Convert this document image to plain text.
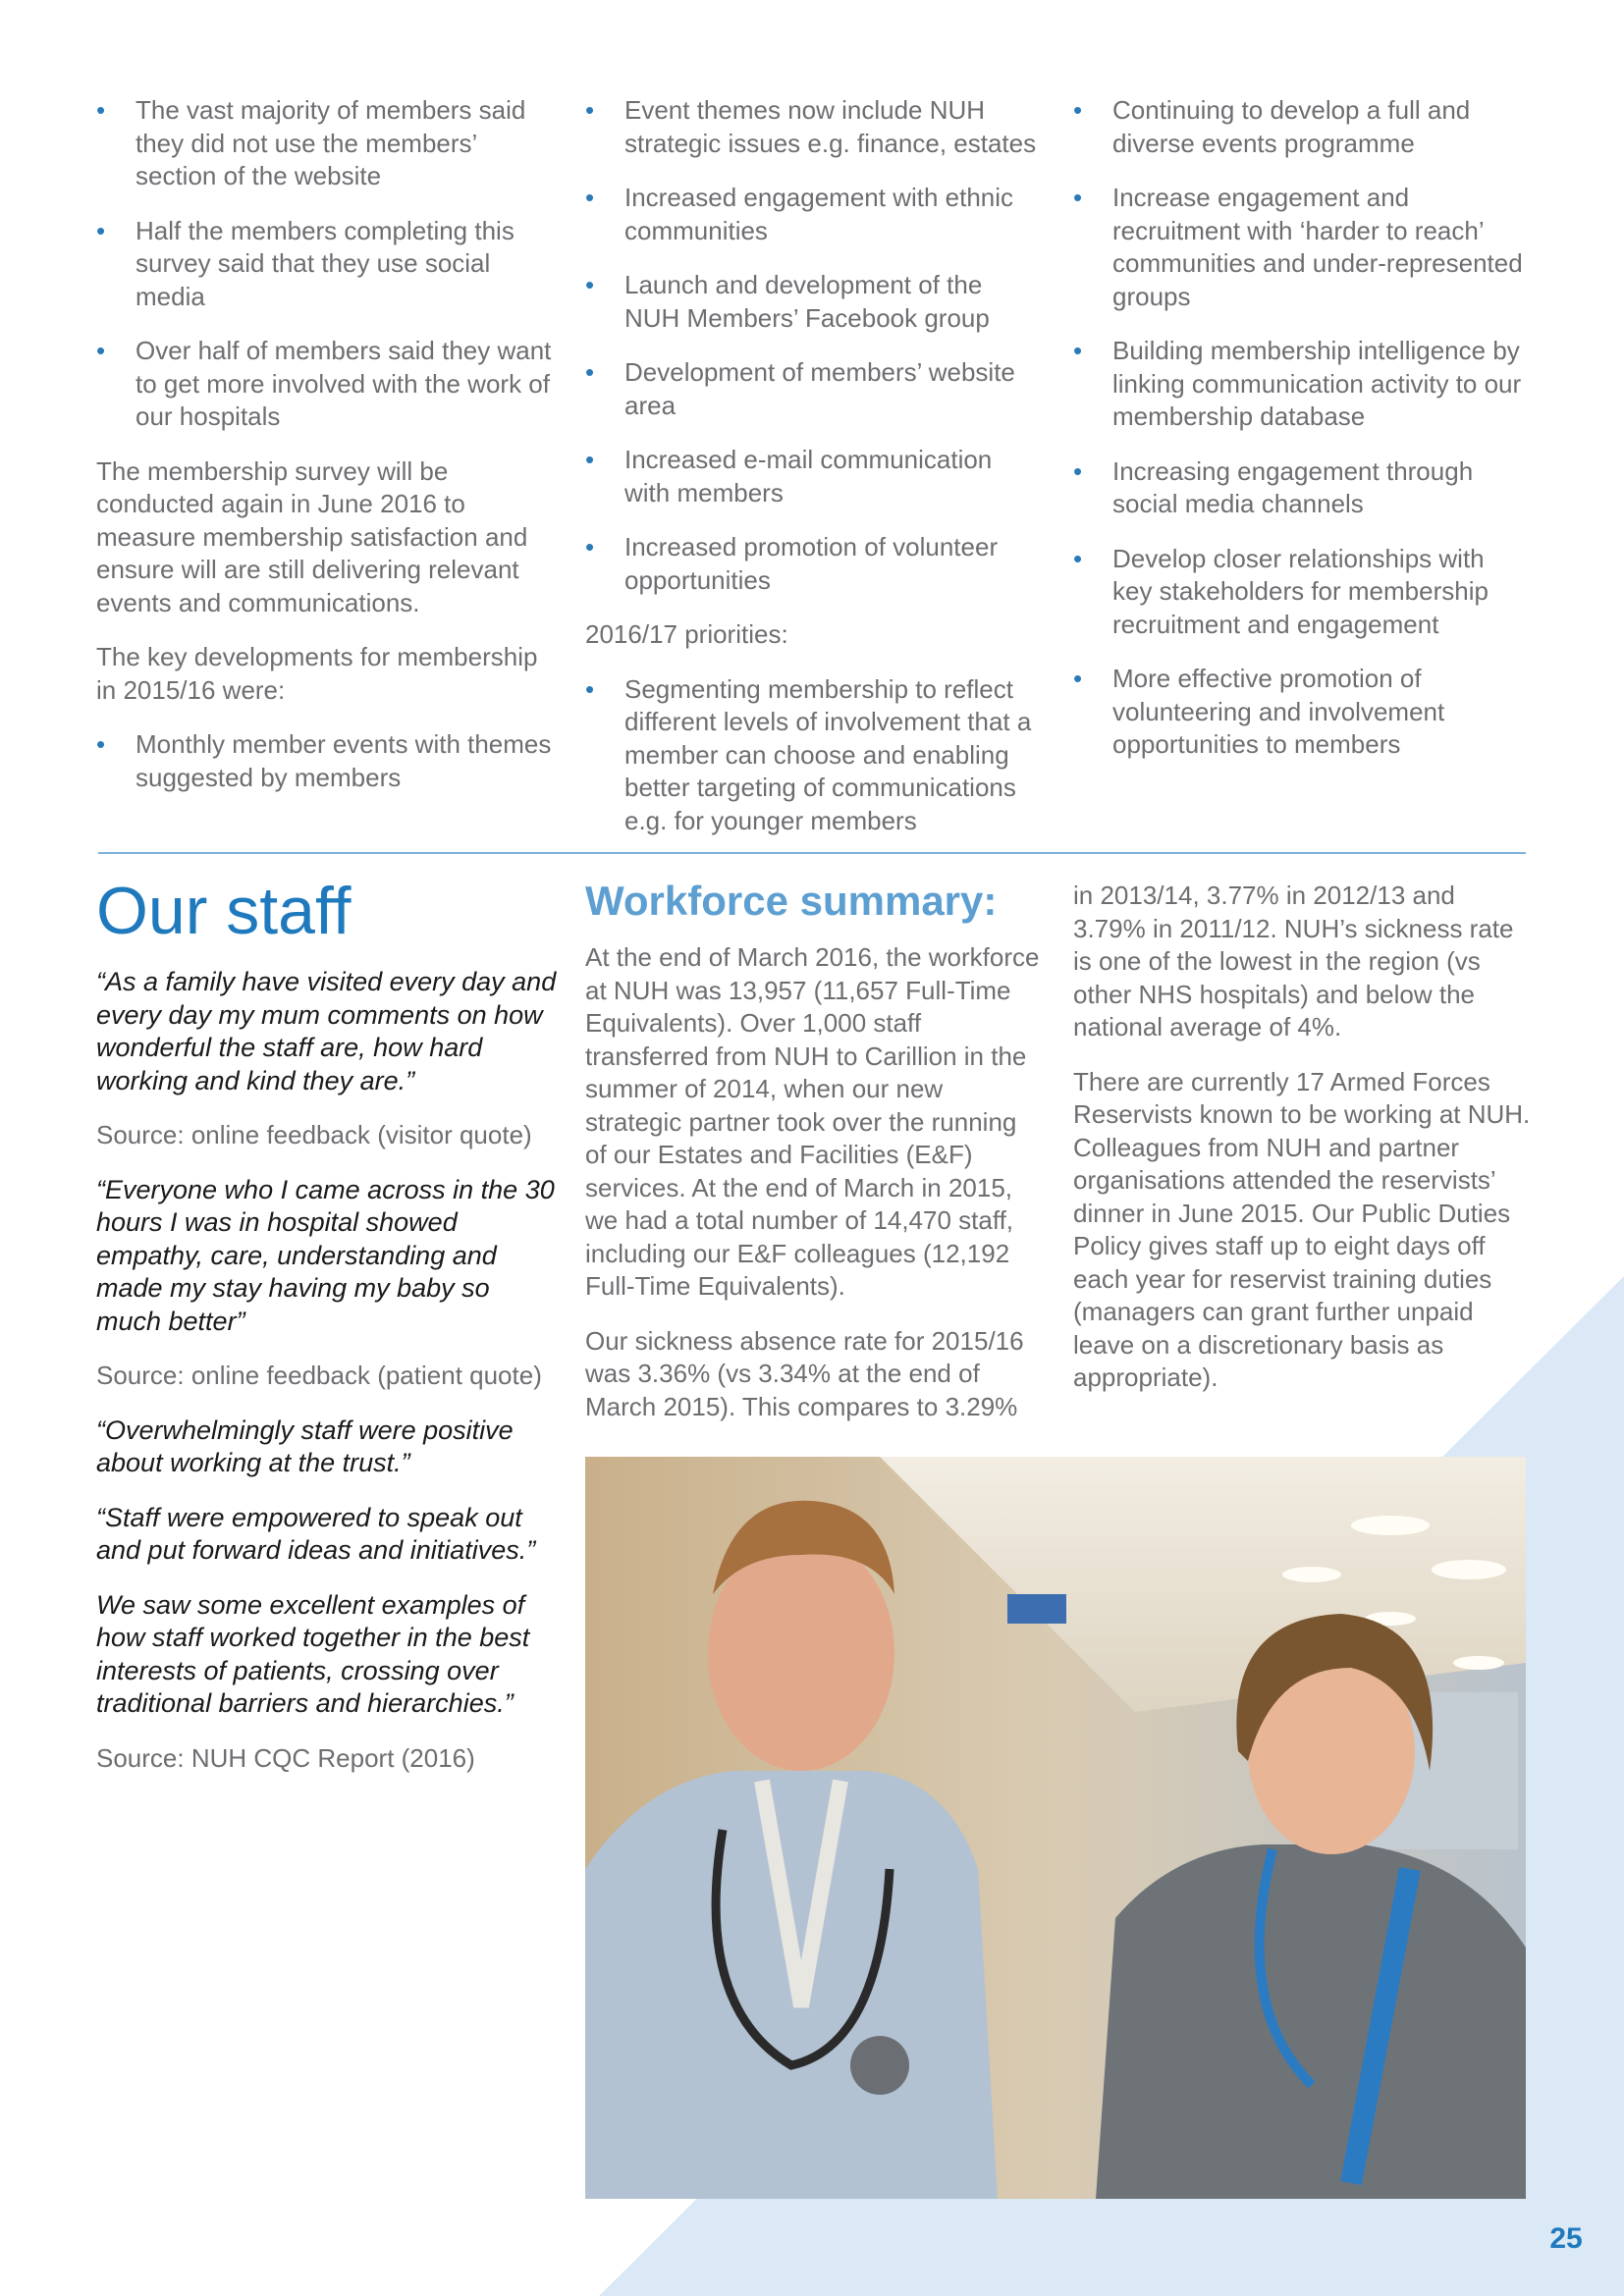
• The vast majority of members said they did not use the members’ section of the website
• Half the members completing this survey said that they use social media
• Over half of members said they want to get more involved with the work of our hospitals

The membership survey will be conducted again in June 2016 to measure membership satisfaction and ensure will are still delivering relevant events and communications.

The key developments for membership in 2015/16 were:

• Monthly member events with themes suggested by members
• Event themes now include NUH strategic issues e.g. finance, estates
• Increased engagement with ethnic communities
• Launch and development of the NUH Members’ Facebook group
• Development of members’ website area
• Increased e-mail communication with members
• Increased promotion of volunteer opportunities

2016/17 priorities:

• Segmenting membership to reflect different levels of involvement that a member can choose and enabling better targeting of communications e.g. for younger members
• Continuing to develop a full and diverse events programme
• Increase engagement and recruitment with ‘harder to reach’ communities and under-represented groups
• Building membership intelligence by linking communication activity to our membership database
• Increasing engagement through social media channels
• Develop closer relationships with key stakeholders for membership recruitment and engagement
• More effective promotion of volunteering and involvement opportunities to members
Our staff

“As a family have visited every day and every day my mum comments on how wonderful the staff are, how hard working and kind they are.”

Source: online feedback (visitor quote)

“Everyone who I came across in the 30 hours I was in hospital showed empathy, care, understanding and made my stay having my baby so much better”

Source: online feedback (patient quote)

“Overwhelmingly staff were positive about working at the trust.”

“Staff were empowered to speak out and put forward ideas and initiatives.”

We saw some excellent examples of how staff worked together in the best interests of patients, crossing over traditional barriers and hierarchies.”

Source: NUH CQC Report (2016)

Workforce summary:

At the end of March 2016, the workforce at NUH was 13,957 (11,657 Full-Time Equivalents). Over 1,000 staff transferred from NUH to Carillion in the summer of 2014, when our new strategic partner took over the running of our Estates and Facilities (E&F) services. At the end of March in 2015, we had a total number of 14,470 staff, including our E&F colleagues (12,192 Full-Time Equivalents).

Our sickness absence rate for 2015/16 was 3.36% (vs 3.34% at the end of March 2015). This compares to 3.29%

in 2013/14, 3.77% in 2012/13 and 3.79% in 2011/12. NUH’s sickness rate is one of the lowest in the region (vs other NHS hospitals) and below the national average of 4%.

There are currently 17 Armed Forces Reservists known to be working at NUH. Colleagues from NUH and partner organisations attended the reservists’ dinner in June 2015. Our Public Duties Policy gives staff up to eight days off each year for reservist training duties (managers can grant further unpaid leave on a discretionary basis as appropriate).

25
